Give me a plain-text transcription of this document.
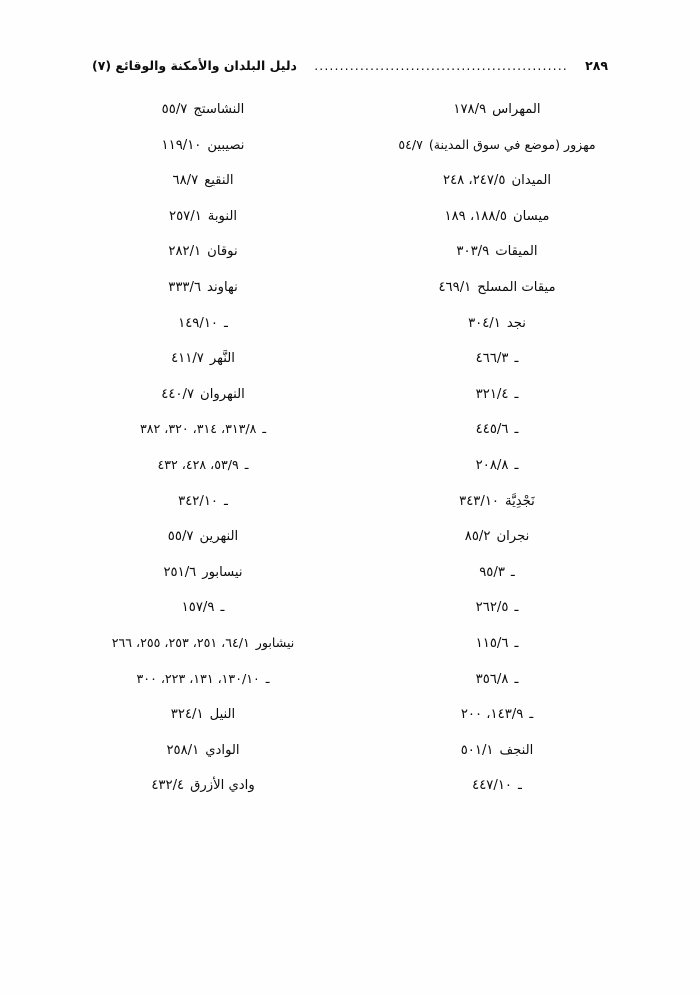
دليل البلدان والأمكنة والوقائع (٧)	..................................................	٢٨٩
المهراس
١٧٨/٩
مهزور (موضع في سوق المدينة)
٥٤/٧
الميدان
٢٤٧/٥، ٢٤٨
ميسان
١٨٨/٥، ١٨٩
الميقات
٣٠٣/٩
ميقات المسلح
٤٦٩/١
نجد
٣٠٤/١
ـ
٤٦٦/٣
ـ
٣٢١/٤
ـ
٤٤٥/٦
ـ
٢٠٨/٨
نَجْدِيَّة
٣٤٣/١٠
نجران
٨٥/٢
ـ
٩٥/٣
ـ
٢٦٢/٥
ـ
١١٥/٦
ـ
٣٥٦/٨
ـ
١٤٣/٩، ٢٠٠
النجف
٥٠١/١
ـ
٤٤٧/١٠
النشاستج
٥٥/٧
نصيبين
١١٩/١٠
النقيع
٦٨/٧
النوبة
٢٥٧/١
نوقان
٢٨٢/١
نهاوند
٣٣٣/٦
ـ
١٤٩/١٠
النَّهر
٤١١/٧
النهروان
٤٤٠/٧
ـ
٣١٣/٨، ٣١٤، ٣٢٠، ٣٨٢
ـ
٥٣/٩، ٤٢٨، ٤٣٢
ـ
٣٤٢/١٠
النهرين
٥٥/٧
نيسابور
٢٥١/٦
ـ
١٥٧/٩
نيشابور
٦٤/١، ٢٥١، ٢٥٣، ٢٥٥، ٢٦٦
ـ
١٣٠/١٠، ١٣١، ٢٢٣، ٣٠٠
النيل
٣٢٤/١
الوادي
٢٥٨/١
وادي الأزرق
٤٣٢/٤
